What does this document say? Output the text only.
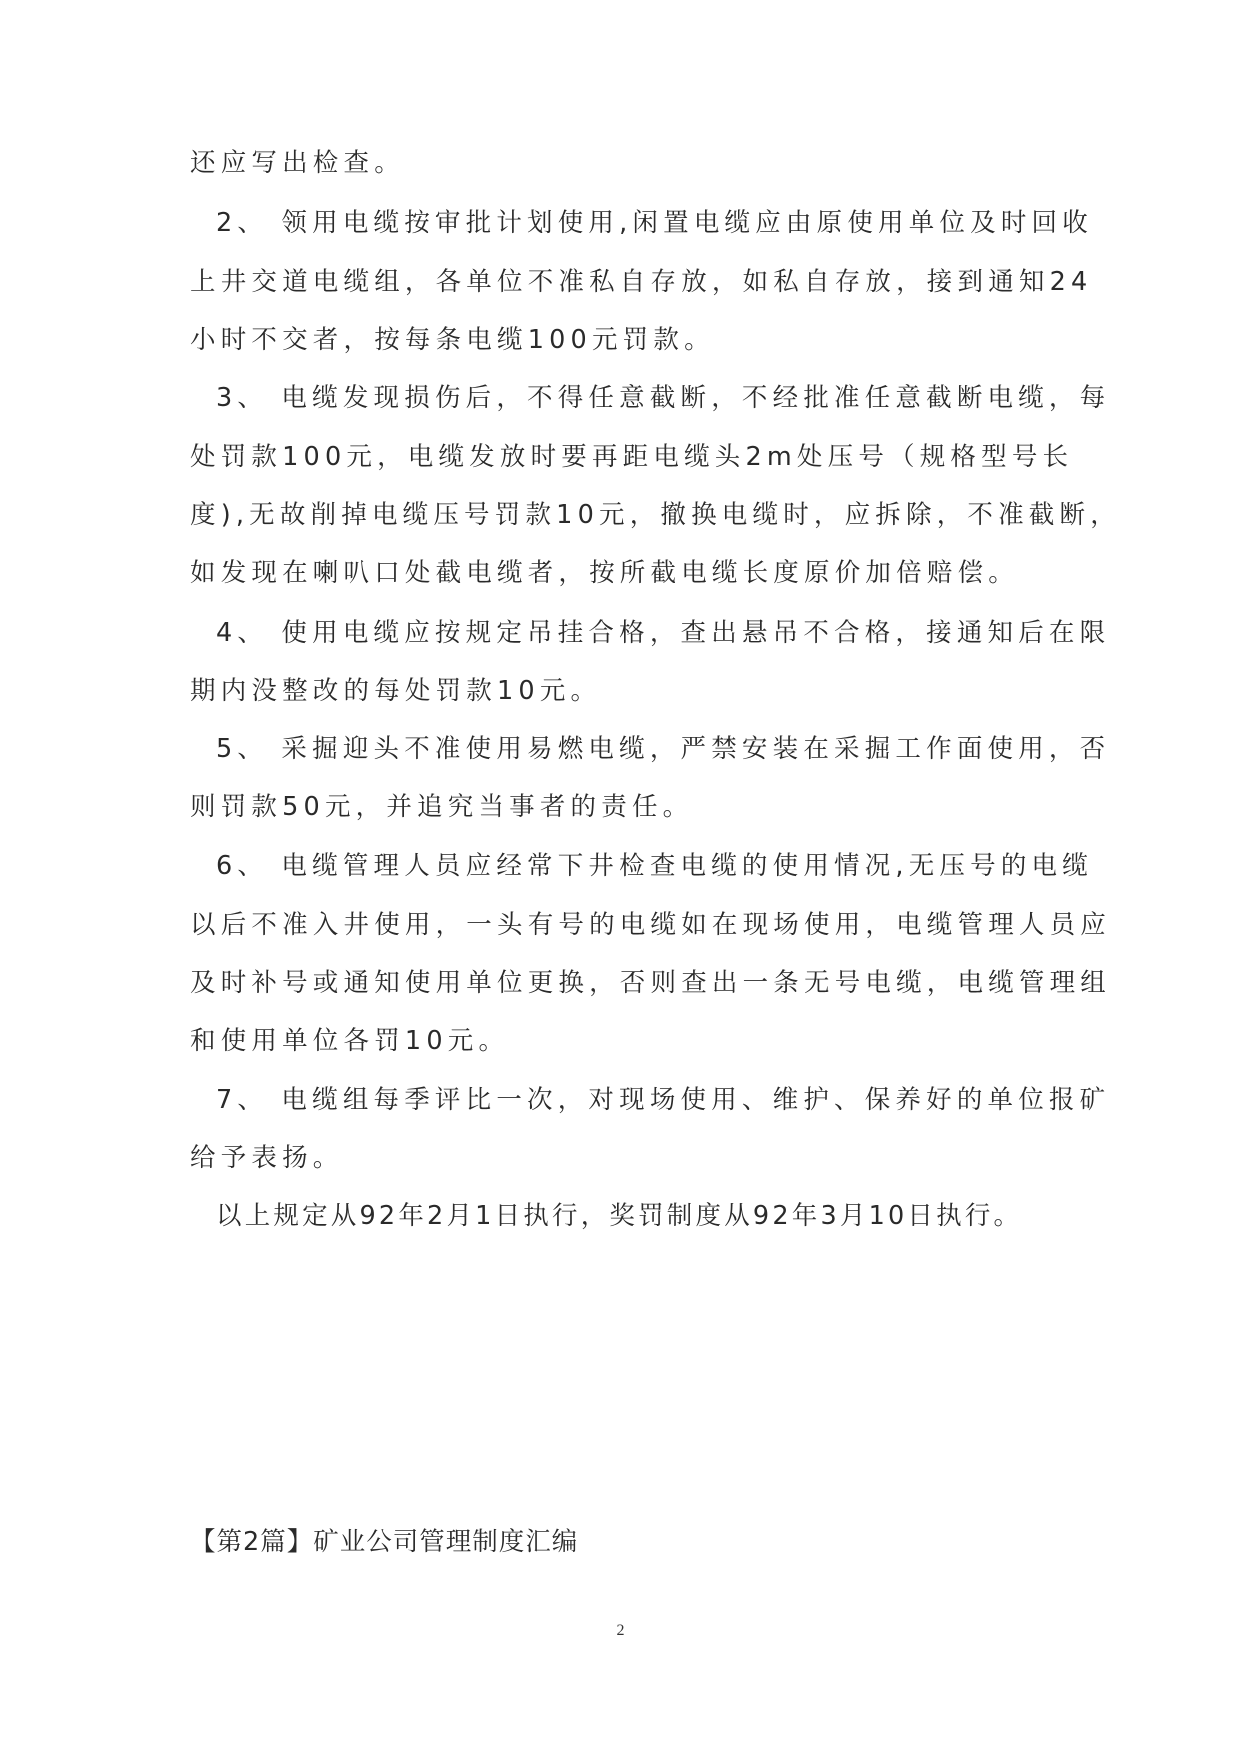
还应写出检查。
2、 领用电缆按审批计划使用,闲置电缆应由原使用单位及时回收
上井交道电缆组，各单位不准私自存放，如私自存放，接到通知24
小时不交者，按每条电缆100元罚款。
3、 电缆发现损伤后，不得任意截断，不经批准任意截断电缆，每
处罚款100元，电缆发放时要再距电缆头2m处压号（规格型号长
度),无故削掉电缆压号罚款10元，撤换电缆时，应拆除，不准截断，
如发现在喇叭口处截电缆者，按所截电缆长度原价加倍赔偿。
4、 使用电缆应按规定吊挂合格，查出悬吊不合格，接通知后在限
期内没整改的每处罚款10元。
5、 采掘迎头不准使用易燃电缆，严禁安装在采掘工作面使用，否
则罚款50元，并追究当事者的责任。
6、 电缆管理人员应经常下井检查电缆的使用情况,无压号的电缆
以后不准入井使用，一头有号的电缆如在现场使用，电缆管理人员应
及时补号或通知使用单位更换，否则查出一条无号电缆，电缆管理组
和使用单位各罚10元。
7、 电缆组每季评比一次，对现场使用、维护、保养好的单位报矿
给予表扬。
以上规定从92年2月1日执行，奖罚制度从92年3月10日执行。
【第2篇】矿业公司管理制度汇编
2
